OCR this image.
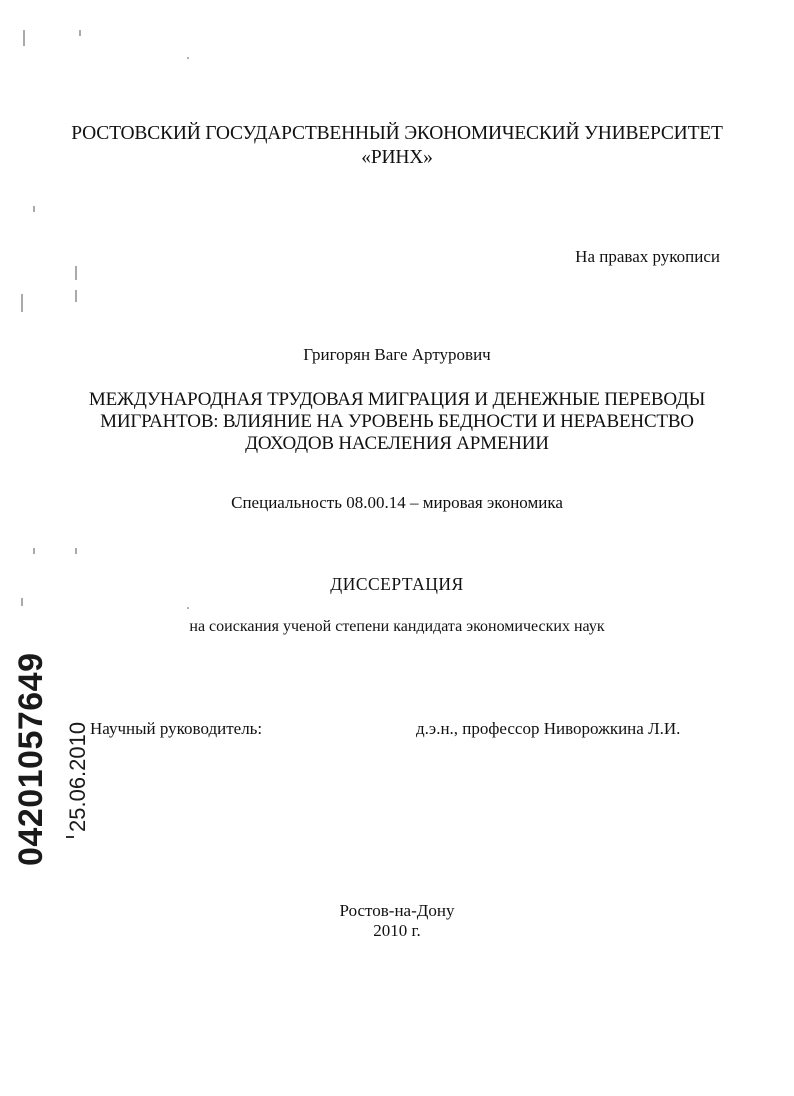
РОСТОВСКИЙ ГОСУДАРСТВЕННЫЙ ЭКОНОМИЧЕСКИЙ УНИВЕРСИТЕТ
«РИНХ»
На правах рукописи
Григорян Ваге Артурович
МЕЖДУНАРОДНАЯ ТРУДОВАЯ МИГРАЦИЯ И ДЕНЕЖНЫЕ ПЕРЕВОДЫ
МИГРАНТОВ: ВЛИЯНИЕ НА УРОВЕНЬ БЕДНОСТИ И НЕРАВЕНСТВО
ДОХОДОВ НАСЕЛЕНИЯ АРМЕНИИ
Специальность 08.00.14 – мировая экономика
ДИССЕРТАЦИЯ
на соискания ученой степени кандидата экономических наук
Научный руководитель:	д.э.н., профессор Ниворожкина Л.И.
Ростов-на-Дону
2010 г.
04201057649 25.06.2010
